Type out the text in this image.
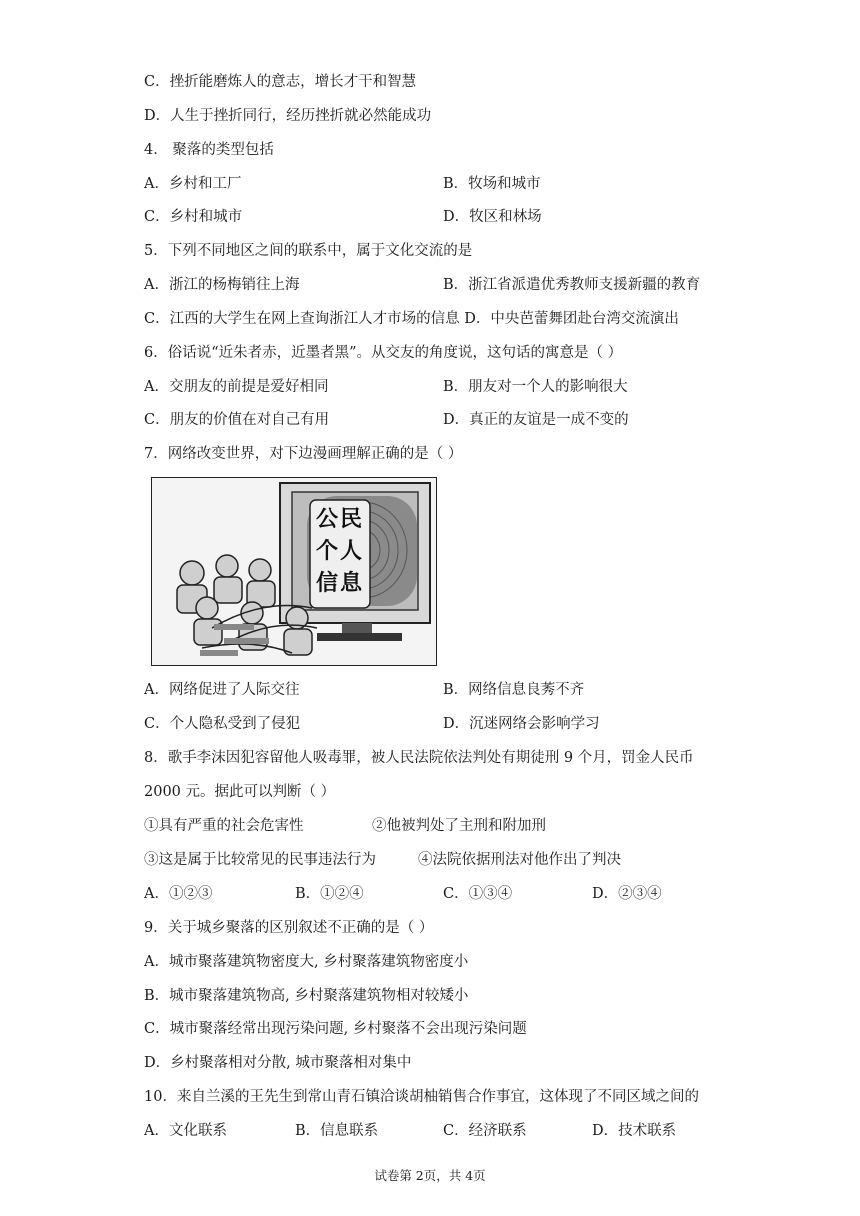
C．挫折能磨炼人的意志，增长才干和智慧
D．人生于挫折同行，经历挫折就必然能成功
4． 聚落的类型包括
A．乡村和工厂	B．牧场和城市
C．乡村和城市	D．牧区和林场
5．下列不同地区之间的联系中，属于文化交流的是
A．浙江的杨梅销往上海	B．浙江省派遣优秀教师支援新疆的教育
C．江西的大学生在网上查询浙江人才市场的信息 D．中央芭蕾舞团赴台湾交流演出
6．俗话说“近朱者赤，近墨者黑”。从交友的角度说，这句话的寓意是（ ）
A．交朋友的前提是爱好相同	B．朋友对一个人的影响很大
C．朋友的价值在对自己有用	D．真正的友谊是一成不变的
7．网络改变世界，对下边漫画理解正确的是（ ）
公 民
个 人
信 息
A．网络促进了人际交往	B．网络信息良莠不齐
C．个人隐私受到了侵犯	D．沉迷网络会影响学习
8．歌手李沫因犯容留他人吸毒罪，被人民法院依法判处有期徒刑 9 个月，罚金人民币
2000 元。据此可以判断（ ）
①具有严重的社会危害性	②他被判处了主刑和附加刑
③这是属于比较常见的民事违法行为	④法院依据刑法对他作出了判决
A．①②③	B．①②④	C．①③④	D．②③④
9．关于城乡聚落的区别叙述不正确的是（ ）
A．城市聚落建筑物密度大, 乡村聚落建筑物密度小
B．城市聚落建筑物高, 乡村聚落建筑物相对较矮小
C．城市聚落经常出现污染问题, 乡村聚落不会出现污染问题
D．乡村聚落相对分散, 城市聚落相对集中
10．来自兰溪的王先生到常山青石镇洽谈胡柚销售合作事宜，这体现了不同区域之间的
A．文化联系	B．信息联系	C．经济联系	D．技术联系
试卷第 2页，共 4页
